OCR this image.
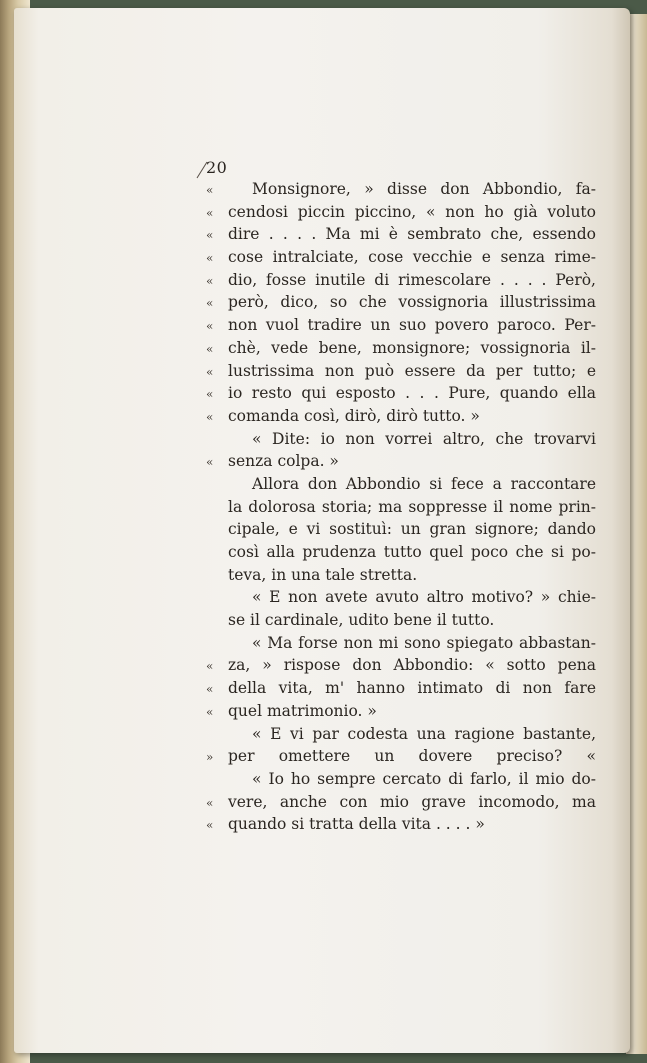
20
«	Monsignore, » disse don Abbondio, fa-
« cendosi piccin piccino, « non ho già voluto
« dire . . . . Ma mi è sembrato che, essendo
« cose intralciate, cose vecchie e senza rime-
« dio, fosse inutile di rimescolare . . . . Però,
« però, dico, so che vossignoria illustrissima
« non vuol tradire un suo povero paroco. Per-
« chè, vede bene, monsignore; vossignoria il-
« lustrissima non può essere da per tutto; e
« io resto qui esposto . . . Pure, quando ella
« comanda così, dirò, dirò tutto. »
« Dite: io non vorrei altro, che trovarvi
« senza colpa. »
Allora don Abbondio si fece a raccontare
la dolorosa storia; ma soppresse il nome prin-
cipale, e vi sostituì: un gran signore; dando
così alla prudenza tutto quel poco che si po-
teva, in una tale stretta.
« E non avete avuto altro motivo? » chie-
se il cardinale, udito bene il tutto.
« Ma forse non mi sono spiegato abbastan-
« za, » rispose don Abbondio: « sotto pena
« della vita, m' hanno intimato di non fare
« quel matrimonio. »
« E vi par codesta una ragione bastante,
» per omettere un dovere preciso? «
« Io ho sempre cercato di farlo, il mio do-
« vere, anche con mio grave incomodo, ma
« quando si tratta della vita . . . . »
